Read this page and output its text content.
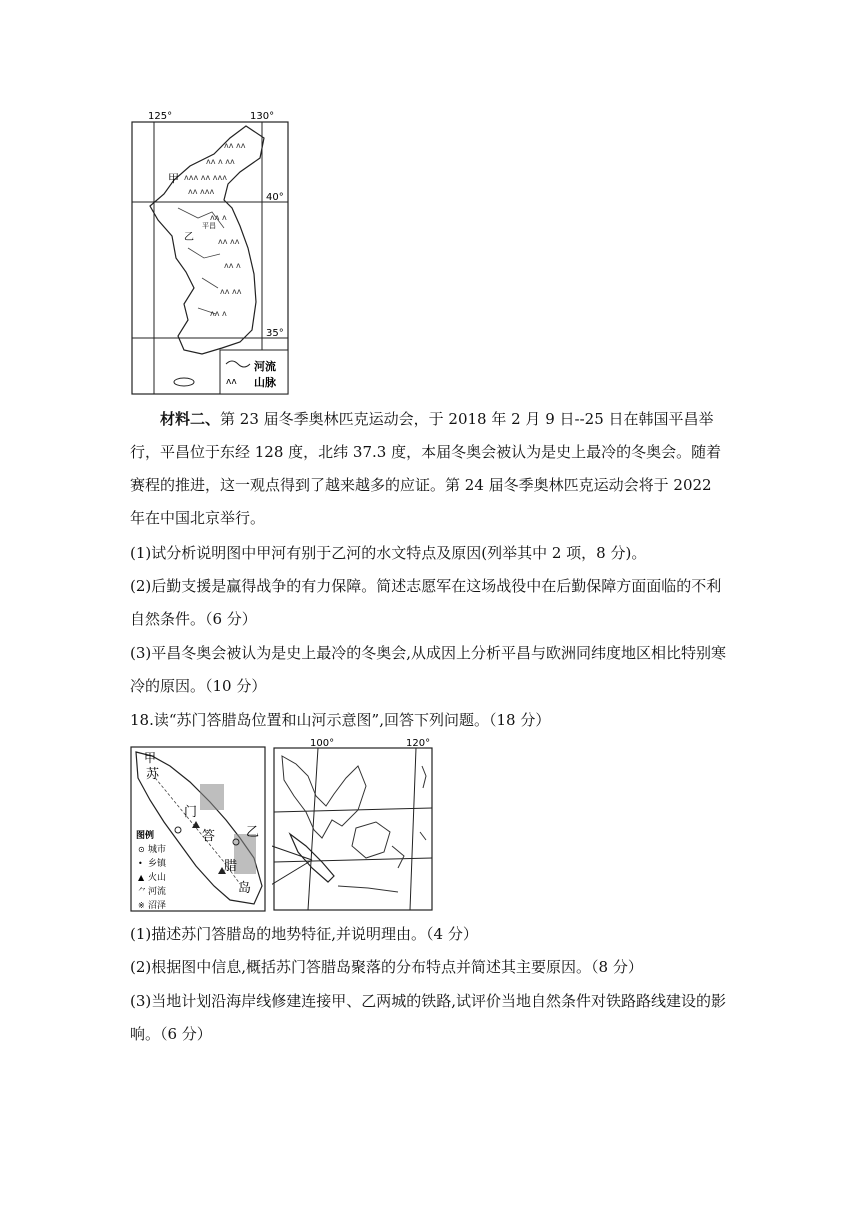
125°	130°
40°
35°
ᴧᴧ ᴧᴧ
ᴧᴧ ᴧ ᴧᴧ
ᴧᴧᴧ ᴧᴧ ᴧᴧᴧ
ᴧᴧ ᴧᴧᴧ
ᴧᴧ ᴧ
ᴧᴧ ᴧᴧ
ᴧᴧ ᴧ
ᴧᴧ ᴧᴧ
ᴧᴧ ᴧ
甲
乙
平昌
ᴧᴧ
河流
山脉

材料二、第 23 届冬季奥林匹克运动会，于 2018 年 2 月 9 日--25 日在韩国平昌举行，平昌位于东经 128 度，北纬 37.3 度，本届冬奥会被认为是史上最冷的冬奥会。随着赛程的推进，这一观点得到了越来越多的应证。第 24 届冬季奥林匹克运动会将于 2022 年在中国北京举行。

(1)试分析说明图中甲河有别于乙河的水文特点及原因(列举其中 2 项，8 分)。

(2)后勤支援是赢得战争的有力保障。简述志愿军在这场战役中在后勤保障方面面临的不利自然条件。（6 分）

(3)平昌冬奥会被认为是史上最冷的冬奥会,从成因上分析平昌与欧洲同纬度地区相比特别寒冷的原因。（10 分）

18.读“苏门答腊岛位置和山河示意图”,回答下列问题。（18 分）

甲
苏
门
答
腊
岛
乙
图例
⊙ 城市
• 乡镇
▲ 火山
⺈ 河流
※ 沼泽
100°	120°

(1)描述苏门答腊岛的地势特征,并说明理由。（4 分）

(2)根据图中信息,概括苏门答腊岛聚落的分布特点并简述其主要原因。（8 分）

(3)当地计划沿海岸线修建连接甲、乙两城的铁路,试评价当地自然条件对铁路路线建设的影响。（6 分）
